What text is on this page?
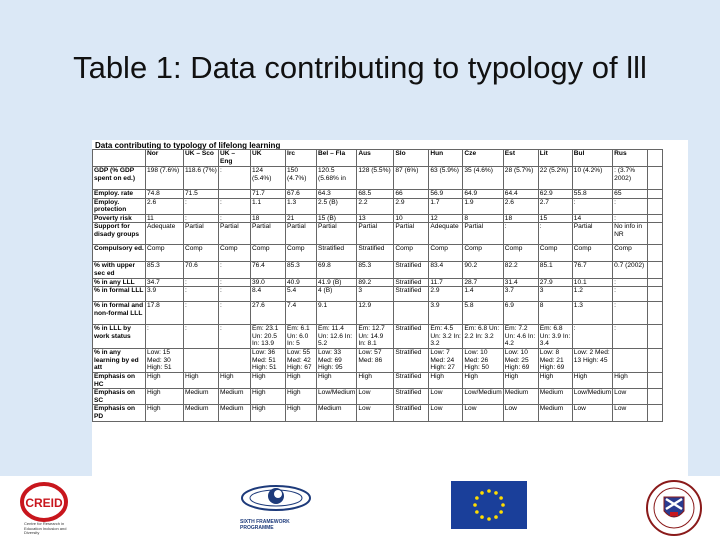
Table 1: Data contributing to typology of lll
Data contributing to typology of lifelong learning
	Nor	UK – Sco	UK – Eng	UK	Irc	Bel – Fla	Aus	Slo	Hun	Cze	Est	Lit	Bul	Rus	
GDP (% GDP spent on ed.)	198 (7.6%)	118.6 (7%)	:	124 (5.4%)	150 (4.7%)	120.5 (5.68% in	128 (5.5%)	87 (6%)	63 (5.9%)	35 (4.6%)	28 (5.7%)	22 (5.2%)	10 (4.2%)	: (3.7% 2002)	
Employ. rate	74.8	71.5		71.7	67.6	64.3	68.5	66	56.9	64.9	64.4	62.9	55.8	65	
Employ. protection	2.6	:	:	1.1	1.3	2.5 (B)	2.2	2.9	1.7	1.9	2.6	2.7	:	:	
Poverty risk	11	:	:	18	21	15 (B)	13	10	12	8	18	15	14	:	
Support for disady groups	Adequate	Partial	Partial	Partial	Partial	Partial	Partial	Partial	Adequate	Partial	:	:	Partial	No info in NR	
Compulsory ed.	Comp	Comp	Comp	Comp	Comp	Stratified	Stratified	Comp	Comp	Comp	Comp	Comp	Comp	Comp	
% with upper sec ed	85.3	70.6	:	76.4	85.3	69.8	85.3	Stratified	83.4	90.2	82.2	85.1	76.7	0.7 (2002)	
% in any LLL	34.7	:	:	39.0	40.9	41.9 (B)	89.2	Stratified	11.7	28.7	31.4	27.9	10.1	:	
% in formal LLL	3.9	:	:	8.4	5.4	4 (B)	3	Stratified	2.9	1.4	3.7	3	1.2	:	
% in formal and non-formal LLL	17.8	:	:	27.6	7.4	9.1	12.9		3.9	5.8	6.9	8	1.3	:	
% in LLL by work status	:	:	:	Em: 23.1 Un: 20.5 In: 13.9	Em: 6.1 Un: 6.0 In: 5	Em: 11.4 Un: 12.6 In: 5.2	Em: 12.7 Un: 14.9 In: 8.1	Stratified	Em: 4.5 Un: 3.2 In: 3.2	Em: 6.8 Un: 2.2 In: 3.2	Em: 7.2 Un: 4.6 In: 4.2	Em: 6.8 Un: 3.9 In: 3.4	:	:	
% in any learning by ed att	Low: 15 Med: 30 High: 51			Low: 36 Med: 51 High: 51	Low: 55 Med: 42 High: 67	Low: 33 Med: 69 High: 95	Low: 57 Med: 86	Stratified	Low: 7 Med: 24 High: 27	Low: 10 Med: 26 High: 50	Low: 10 Med: 25 High: 69	Low: 8 Med: 21 High: 69	Low: 2 Med: 13 High: 45		
Emphasis on HC	High	High	High	High	High	High	High	Stratified	High	High	High	High	High	High	
Emphasis on SC	High	Medium	Medium	High	High	Low/Medium	Low	Stratified	Low	Low/Medium	Medium	Medium	Low/Medium	Low	
Emphasis on PD	High	Medium	Medium	High	High	Medium	Low	Stratified	Low	Low	Low	Medium	Low	Low	
CREID
Centre for Research in Education Inclusion and Diversity
SIXTH FRAMEWORK
PROGRAMME
